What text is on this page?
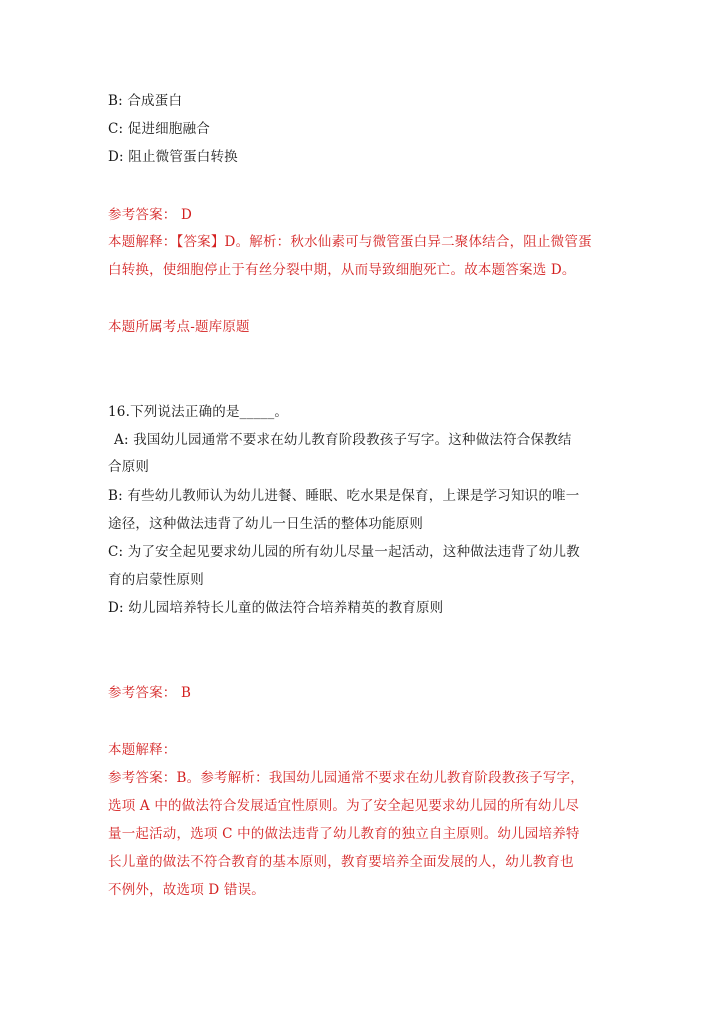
B: 合成蛋白
C: 促进细胞融合
D: 阻止微管蛋白转换
参考答案： D
本题解释：【答案】D。解析：秋水仙素可与微管蛋白异二聚体结合，阻止微管蛋
白转换，使细胞停止于有丝分裂中期，从而导致细胞死亡。故本题答案选 D。
本题所属考点-题库原题
16.下列说法正确的是_____。
A: 我国幼儿园通常不要求在幼儿教育阶段教孩子写字。这种做法符合保教结
合原则
B: 有些幼儿教师认为幼儿进餐、睡眠、吃水果是保育，上课是学习知识的唯一
途径，这种做法违背了幼儿一日生活的整体功能原则
C: 为了安全起见要求幼儿园的所有幼儿尽量一起活动，这种做法违背了幼儿教
育的启蒙性原则
D: 幼儿园培养特长儿童的做法符合培养精英的教育原则
参考答案： B
本题解释：
参考答案：B。参考解析：我国幼儿园通常不要求在幼儿教育阶段教孩子写字，
选项 A 中的做法符合发展适宜性原则。为了安全起见要求幼儿园的所有幼儿尽
量一起活动，选项 C 中的做法违背了幼儿教育的独立自主原则。幼儿园培养特
长儿童的做法不符合教育的基本原则，教育要培养全面发展的人，幼儿教育也
不例外，故选项 D 错误。
